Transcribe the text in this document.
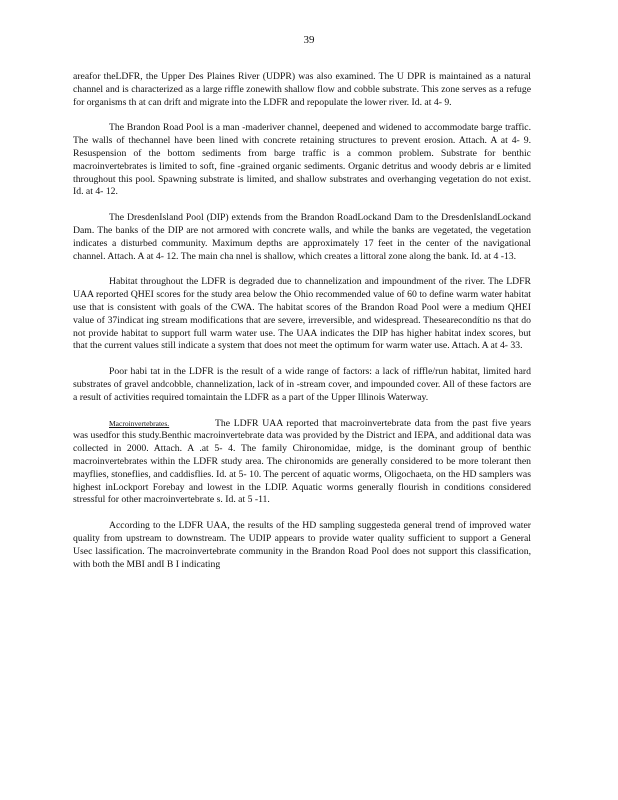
39

areafor theLDFR, the Upper Des Plaines River (UDPR) was also examined. The U DPR is maintained as a natural channel and is characterized as a large riffle zonewith shallow flow and cobble substrate. This zone serves as a refuge for organisms th at can drift and migrate into the LDFR and repopulate the lower river. Id. at 4- 9.

The Brandon Road Pool is a man -maderiver channel, deepened and widened to accommodate barge traffic. The walls of thechannel have been lined with concrete retaining structures to prevent erosion. Attach. A at 4- 9. Resuspension of the bottom sediments from barge traffic is a common problem. Substrate for benthic macroinvertebrates is limited to soft, fine -grained organic sediments. Organic detritus and woody debris ar e limited throughout this pool. Spawning substrate is limited, and shallow substrates and overhanging vegetation do not exist. Id. at 4- 12.

The DresdenIsland Pool (DIP) extends from the Brandon RoadLockand Dam to the DresdenIslandLockand Dam. The banks of the DIP are not armored with concrete walls, and while the banks are vegetated, the vegetation indicates a disturbed community. Maximum depths are approximately 17 feet in the center of the navigational channel. Attach. A at 4- 12. The main cha nnel is shallow, which creates a littoral zone along the bank. Id. at 4 -13.

Habitat throughout the LDFR is degraded due to channelization and impoundment of the river. The LDFR UAA reported QHEI scores for the study area below the Ohio recommended value of 60 to define warm water habitat use that is consistent with goals of the CWA. The habitat scores of the Brandon Road Pool were a medium QHEI value of 37indicat ing stream modifications that are severe, irreversible, and widespread. Thesearecondítio ns that do not provide habitat to support full warm water use. The UAA indicates the DIP has higher habitat index scores, but that the current values still indicate a system that does not meet the optimum for warm water use. Attach. A at 4- 33.

Poor habi tat in the LDFR is the result of a wide range of factors: a lack of riffle/run habitat, limited hard substrates of gravel andcobble, channelization, lack of in -stream cover, and impounded cover. All of these factors are a result of activities required tomaintain the LDFR as a part of the Upper Illinois Waterway.

Macroinvertebrates.	The LDFR UAA reported that macroinvertebrate data from the past five years was usedfor this study.Benthic macroinvertebrate data was provided by the District and IEPA, and additional data was collected in 2000. Attach. A .at 5- 4. The family Chironomidae, midge, is the dominant group of benthic macroinvertebrates within the LDFR study area. The chironomids are generally considered to be more tolerant then mayflies, stoneflies, and caddisflies. Id. at 5- 10. The percent of aquatic worms, Oligochaeta, on the HD samplers was highest inLockport Forebay and lowest in the LDIP. Aquatic worms generally flourish in conditions considered stressful for other macroinvertebrate s. Id. at 5 -11.

According to the LDFR UAA, the results of the HD sampling suggesteda general trend of improved water quality from upstream to downstream. The UDIP appears to provide water quality sufficient to support a General Usec lassification. The macroinvertebrate community in the Brandon Road Pool does not support this classification, with both the MBI andI B I indicating
